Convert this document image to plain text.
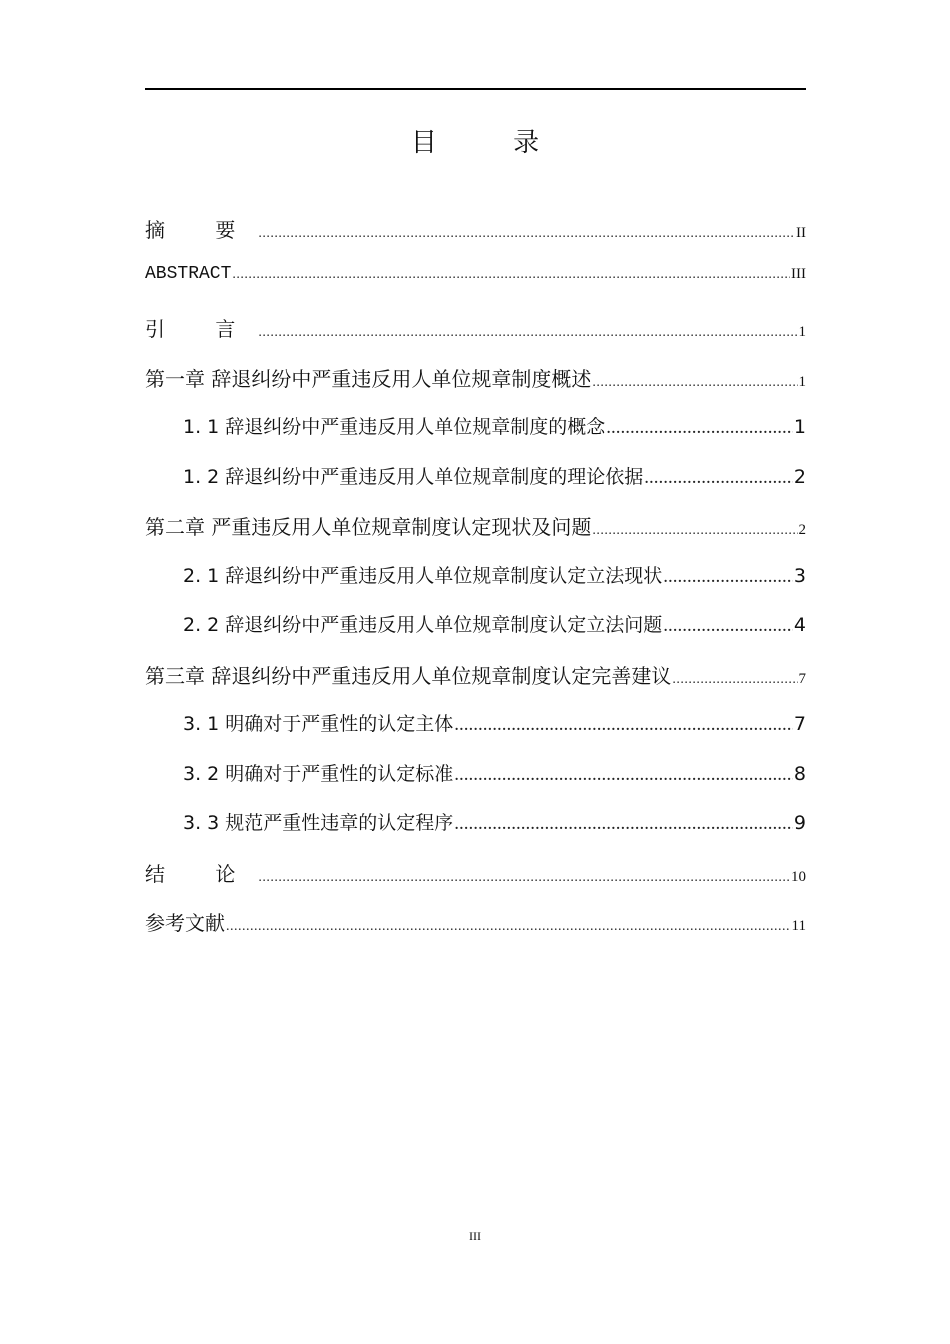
目 录
摘 要 .....	II
ABSTRACT .....	III
引 言 .....	1
第一章 辞退纠纷中严重违反用人单位规章制度概述 .....	1
1. 1 辞退纠纷中严重违反用人单位规章制度的概念 .....	1
1. 2 辞退纠纷中严重违反用人单位规章制度的理论依据 .....	2
第二章 严重违反用人单位规章制度认定现状及问题 .....	2
2. 1 辞退纠纷中严重违反用人单位规章制度认定立法现状 .....	3
2. 2 辞退纠纷中严重违反用人单位规章制度认定立法问题 .....	4
第三章 辞退纠纷中严重违反用人单位规章制度认定完善建议 .....	7
3. 1 明确对于严重性的认定主体 .....	7
3. 2 明确对于严重性的认定标准 .....	8
3. 3 规范严重性违章的认定程序 .....	9
结 论 .....	10
参考文献 .....	11
III
